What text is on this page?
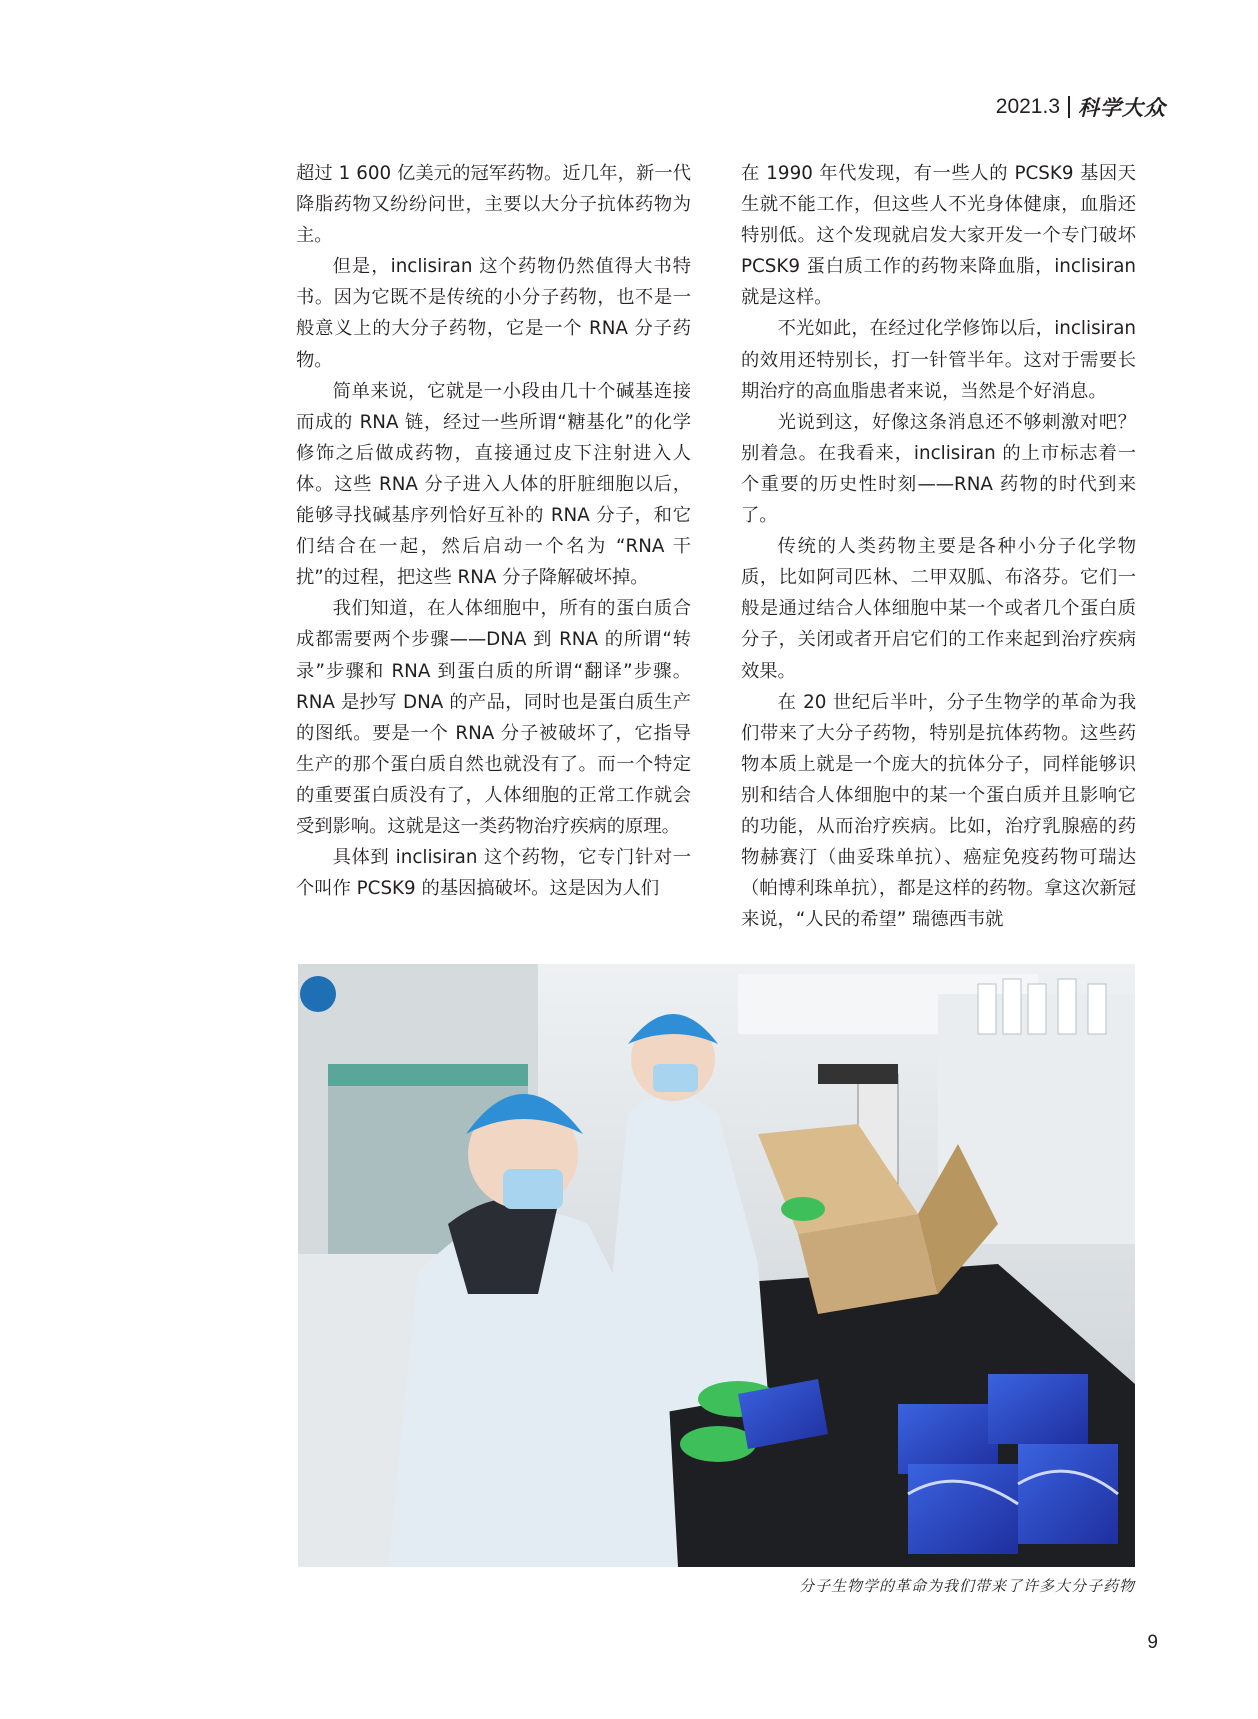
2021.3 科学大众

超过 1 600 亿美元的冠军药物。近几年，新一代降脂药物又纷纷问世，主要以大分子抗体药物为主。

但是，inclisiran 这个药物仍然值得大书特书。因为它既不是传统的小分子药物，也不是一般意义上的大分子药物，它是一个 RNA 分子药物。

简单来说，它就是一小段由几十个碱基连接而成的 RNA 链，经过一些所谓“糖基化”的化学修饰之后做成药物，直接通过皮下注射进入人体。这些 RNA 分子进入人体的肝脏细胞以后，能够寻找碱基序列恰好互补的 RNA 分子，和它们结合在一起，然后启动一个名为 “RNA 干扰”的过程，把这些 RNA 分子降解破坏掉。

我们知道，在人体细胞中，所有的蛋白质合成都需要两个步骤——DNA 到 RNA 的所谓“转录”步骤和 RNA 到蛋白质的所谓“翻译”步骤。RNA 是抄写 DNA 的产品，同时也是蛋白质生产的图纸。要是一个 RNA 分子被破坏了，它指导生产的那个蛋白质自然也就没有了。而一个特定的重要蛋白质没有了，人体细胞的正常工作就会受到影响。这就是这一类药物治疗疾病的原理。

具体到 inclisiran 这个药物，它专门针对一个叫作 PCSK9 的基因搞破坏。这是因为人们

在 1990 年代发现，有一些人的 PCSK9 基因天生就不能工作，但这些人不光身体健康，血脂还特别低。这个发现就启发大家开发一个专门破坏 PCSK9 蛋白质工作的药物来降血脂，inclisiran 就是这样。

不光如此，在经过化学修饰以后，inclisiran 的效用还特别长，打一针管半年。这对于需要长期治疗的高血脂患者来说，当然是个好消息。

光说到这，好像这条消息还不够刺激对吧？别着急。在我看来，inclisiran 的上市标志着一个重要的历史性时刻——RNA 药物的时代到来了。

传统的人类药物主要是各种小分子化学物质，比如阿司匹林、二甲双胍、布洛芬。它们一般是通过结合人体细胞中某一个或者几个蛋白质分子，关闭或者开启它们的工作来起到治疗疾病效果。

在 20 世纪后半叶，分子生物学的革命为我们带来了大分子药物，特别是抗体药物。这些药物本质上就是一个庞大的抗体分子，同样能够识别和结合人体细胞中的某一个蛋白质并且影响它的功能，从而治疗疾病。比如，治疗乳腺癌的药物赫赛汀（曲妥珠单抗）、癌症免疫药物可瑞达（帕博利珠单抗），都是这样的药物。拿这次新冠来说，“人民的希望” 瑞德西韦就

分子生物学的革命为我们带来了许多大分子药物
9
